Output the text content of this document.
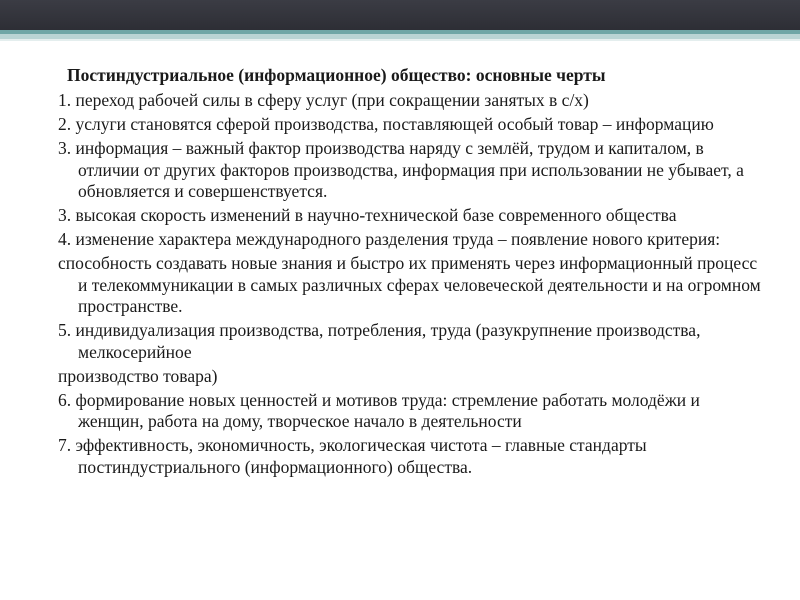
Постиндустриальное (информационное) общество: основные черты

1. переход рабочей силы в сферу услуг (при сокращении занятых в с/х)

2. услуги становятся сферой производства, поставляющей особый товар – информацию

3. информация – важный фактор производства наряду с землёй, трудом и капиталом, в отличии от других факторов производства, информация при использовании не убывает, а обновляется и совершенствуется.

3. высокая скорость изменений в научно-технической базе современного общества

4. изменение характера международного разделения труда – появление нового критерия:

способность создавать новые знания и быстро их применять через информационный процесс и телекоммуникации в самых различных сферах человеческой деятельности и на огромном пространстве.

5. индивидуализация производства, потребления, труда (разукрупнение производства, мелкосерийное

производство товара)

6. формирование новых ценностей и мотивов труда: стремление работать молодёжи и женщин, работа на дому, творческое начало в деятельности

7. эффективность, экономичность, экологическая чистота – главные стандарты постиндустриального (информационного) общества.
